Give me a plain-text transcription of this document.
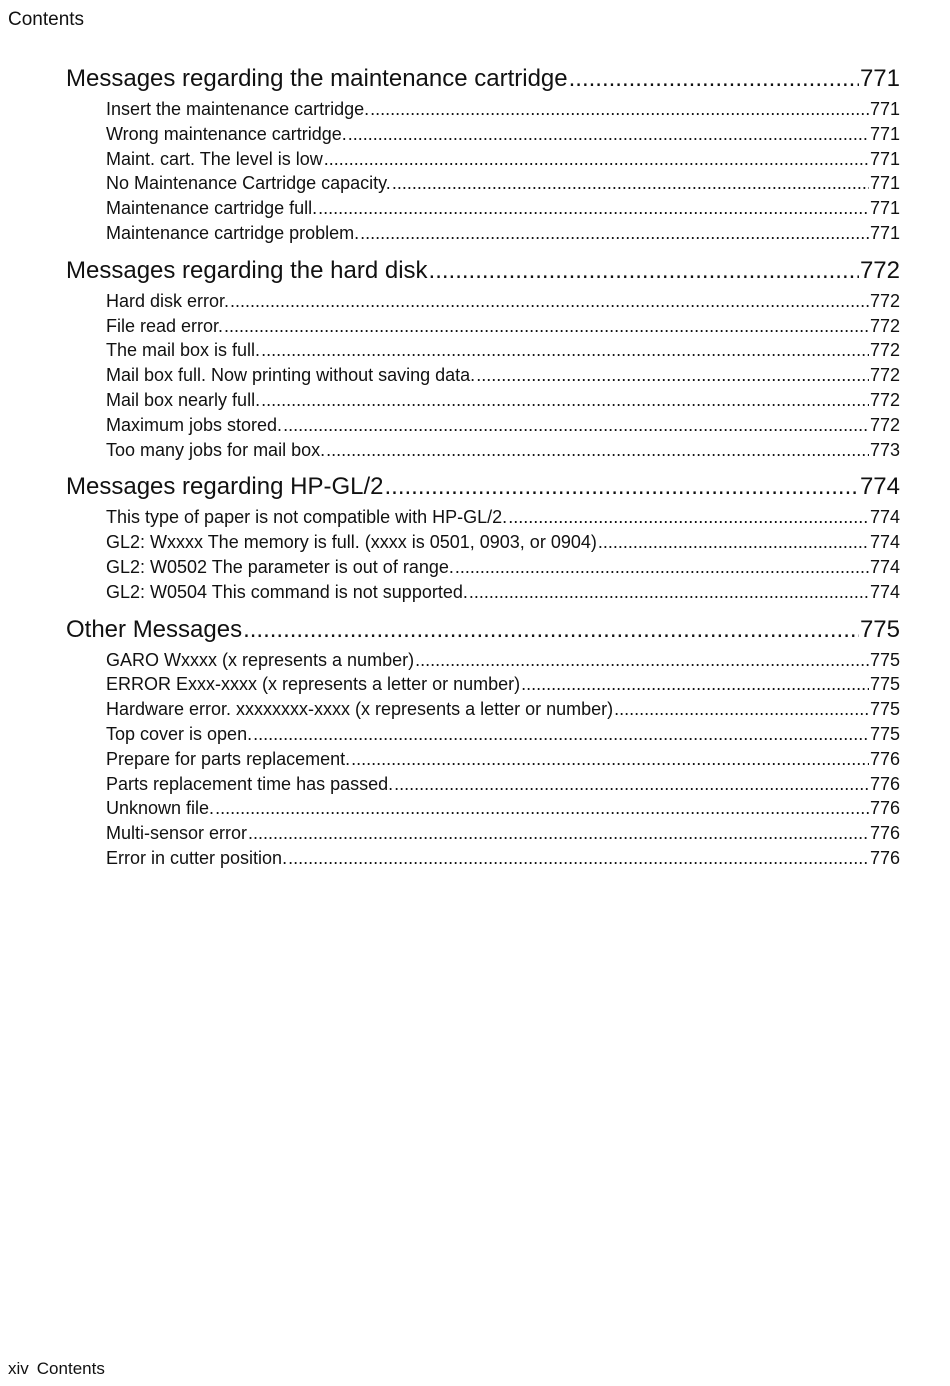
Contents
Messages regarding the maintenance cartridge .....	771
Insert the maintenance cartridge. .....	771
Wrong maintenance cartridge. .....	771
Maint. cart. The level is low .....	771
No Maintenance Cartridge capacity. .....	771
Maintenance cartridge full. .....	771
Maintenance cartridge problem. .....	771
Messages regarding the hard disk .....	772
Hard disk error. .....	772
File read error. .....	772
The mail box is full. .....	772
Mail box full. Now printing without saving data. .....	772
Mail box nearly full. .....	772
Maximum jobs stored. .....	772
Too many jobs for mail box. .....	773
Messages regarding HP-GL/2 .....	774
This type of paper is not compatible with HP-GL/2. .....	774
GL2: Wxxxx The memory is full. (xxxx is 0501, 0903, or 0904) .....	774
GL2: W0502 The parameter is out of range. .....	774
GL2: W0504 This command is not supported. .....	774
Other Messages .....	775
GARO Wxxxx (x represents a number) .....	775
ERROR Exxx-xxxx (x represents a letter or number) .....	775
Hardware error. xxxxxxxx-xxxx (x represents a letter or number) .....	775
Top cover is open. .....	775
Prepare for parts replacement. .....	776
Parts replacement time has passed. .....	776
Unknown file. .....	776
Multi-sensor error .....	776
Error in cutter position. .....	776
xiv Contents
